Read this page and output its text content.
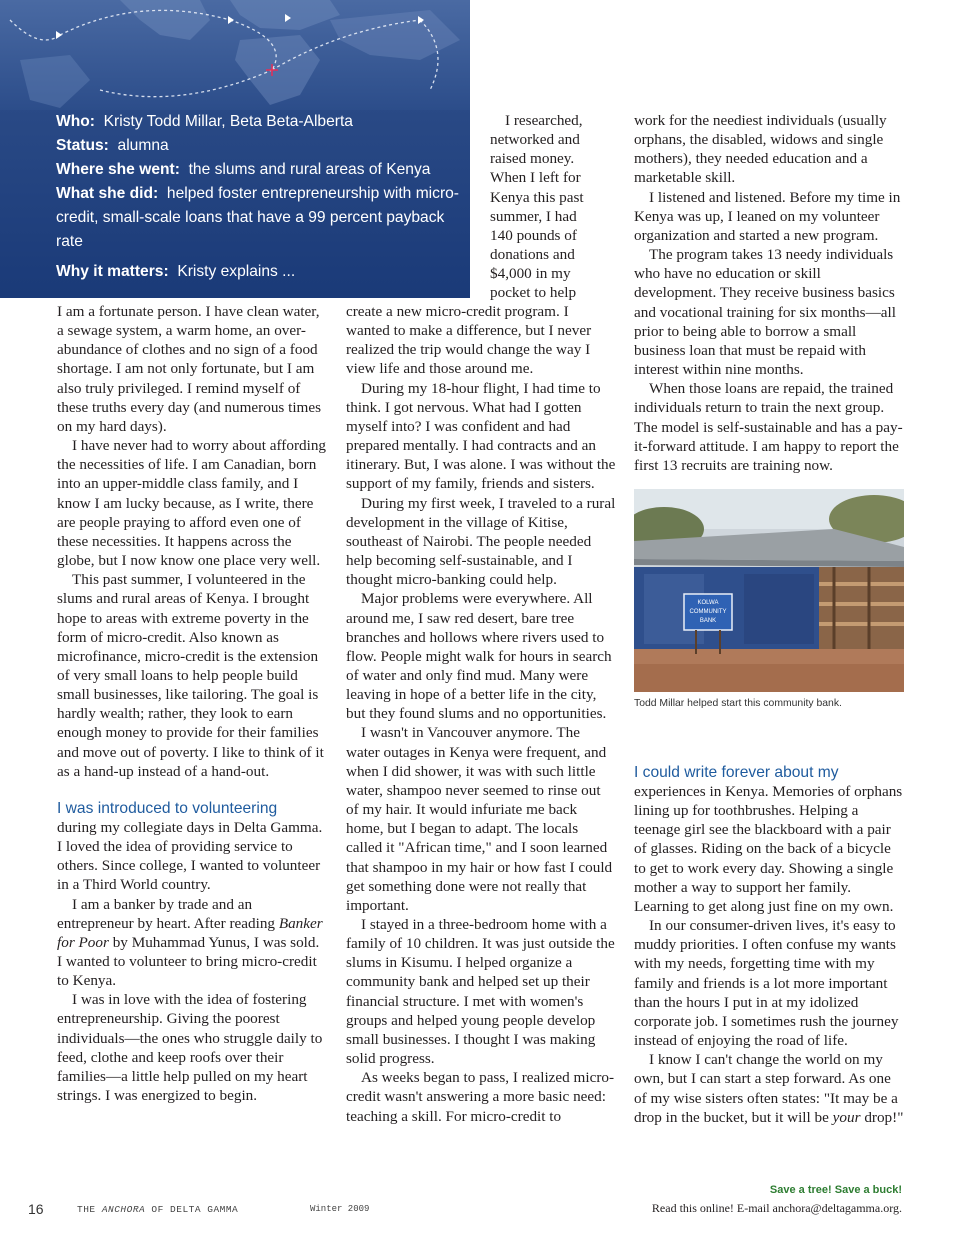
Who: Kristy Todd Millar, Beta Beta-Alberta
Status: alumna
Where she went: the slums and rural areas of Kenya
What she did: helped foster entrepreneurship with micro-credit, small-scale loans that have a 99 percent payback rate
Why it matters: Kristy explains ...

I am a fortunate person. I have clean water, a sewage system, a warm home, an over-abundance of clothes and no sign of a food shortage. I am not only fortunate, but I am also truly privileged. I remind myself of these truths every day (and numerous times on my hard days).

I have never had to worry about affording the necessities of life. I am Canadian, born into an upper-middle class family, and I know I am lucky because, as I write, there are people praying to afford even one of these necessities. It happens across the globe, but I now know one place very well.

This past summer, I volunteered in the slums and rural areas of Kenya. I brought hope to areas with extreme poverty in the form of micro-credit. Also known as microfinance, micro-credit is the extension of very small loans to help people build small businesses, like tailoring. The goal is hardly wealth; rather, they look to earn enough money to provide for their families and move out of poverty. I like to think of it as a hand-up instead of a hand-out.

I was introduced to volunteering

during my collegiate days in Delta Gamma. I loved the idea of providing service to others. Since college, I wanted to volunteer in a Third World country.

I am a banker by trade and an entrepreneur by heart. After reading Banker for Poor by Muhammad Yunus, I was sold. I wanted to volunteer to bring micro-credit to Kenya.

I was in love with the idea of fostering entrepreneurship. Giving the poorest individuals—the ones who struggle daily to feed, clothe and keep roofs over their families—a little help pulled on my heart strings. I was energized to begin.

I researched, networked and raised money. When I left for Kenya this past summer, I had 140 pounds of donations and $4,000 in my pocket to help

create a new micro-credit program. I wanted to make a difference, but I never realized the trip would change the way I view life and those around me.

During my 18-hour flight, I had time to think. I got nervous. What had I gotten myself into? I was confident and had prepared mentally. I had contracts and an itinerary. But, I was alone. I was without the support of my family, friends and sisters.

During my first week, I traveled to a rural development in the village of Kitise, southeast of Nairobi. The people needed help becoming self-sustainable, and I thought micro-banking could help.

Major problems were everywhere. All around me, I saw red desert, bare tree branches and hollows where rivers used to flow. People might walk for hours in search of water and only find mud. Many were leaving in hope of a better life in the city, but they found slums and no opportunities.

I wasn't in Vancouver anymore. The water outages in Kenya were frequent, and when I did shower, it was with such little water, shampoo never seemed to rinse out of my hair. It would infuriate me back home, but I began to adapt. The locals called it "African time," and I soon learned that shampoo in my hair or how fast I could get something done were not really that important.

I stayed in a three-bedroom home with a family of 10 children. It was just outside the slums in Kisumu. I helped organize a community bank and helped set up their financial structure. I met with women's groups and helped young people develop small businesses. I thought I was making solid progress.

As weeks began to pass, I realized micro-credit wasn't answering a more basic need: teaching a skill. For micro-credit to

work for the neediest individuals (usually orphans, the disabled, widows and single mothers), they needed education and a marketable skill.

I listened and listened. Before my time in Kenya was up, I leaned on my volunteer organization and started a new program.

The program takes 13 needy individuals who have no education or skill development. They receive business basics and vocational training for six months—all prior to being able to borrow a small business loan that must be repaid with interest within nine months.

When those loans are repaid, the trained individuals return to train the next group. The model is self-sustainable and has a pay-it-forward attitude. I am happy to report the first 13 recruits are training now.

KOLWA
COMMUNITY
BANK
Todd Millar helped start this community bank.
I could write forever about my

experiences in Kenya. Memories of orphans lining up for toothbrushes. Helping a teenage girl see the blackboard with a pair of glasses. Riding on the back of a bicycle to get to work every day. Showing a single mother a way to support her family. Learning to get along just fine on my own.

In our consumer-driven lives, it's easy to muddy priorities. I often confuse my wants with my needs, forgetting time with my family and friends is a lot more important than the hours I put in at my idolized corporate job. I sometimes rush the journey instead of enjoying the road of life.

I know I can't change the world on my own, but I can start a step forward. As one of my wise sisters often states: "It may be a drop in the bucket, but it will be your drop!"

16	THE ANCHORA OF DELTA GAMMA	Winter 2009
Save a tree! Save a buck!
Read this online! E-mail anchora@deltagamma.org.
